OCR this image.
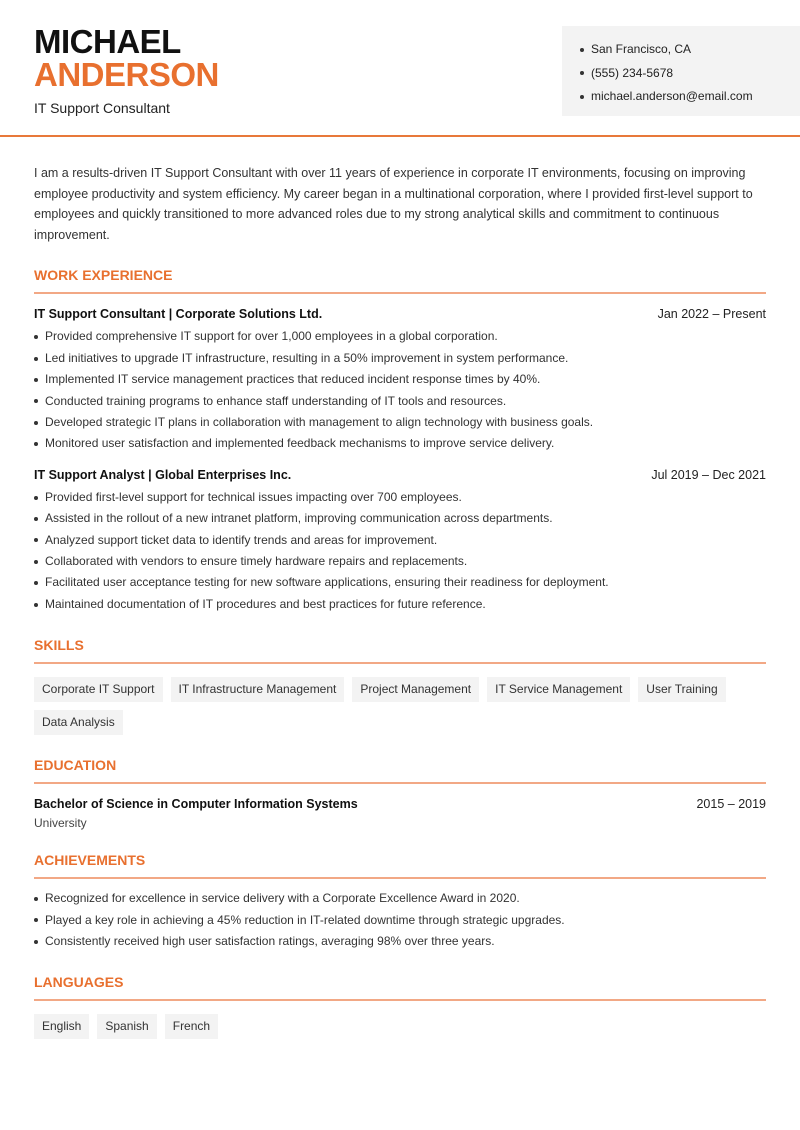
MICHAEL
ANDERSON
IT Support Consultant
San Francisco, CA
(555) 234-5678
michael.anderson@email.com

I am a results-driven IT Support Consultant with over 11 years of experience in corporate IT environments, focusing on improving employee productivity and system efficiency. My career began in a multinational corporation, where I provided first-level support to employees and quickly transitioned to more advanced roles due to my strong analytical skills and commitment to continuous improvement.

WORK EXPERIENCE
IT Support Consultant | Corporate Solutions Ltd.	Jan 2022 – Present
Provided comprehensive IT support for over 1,000 employees in a global corporation.
Led initiatives to upgrade IT infrastructure, resulting in a 50% improvement in system performance.
Implemented IT service management practices that reduced incident response times by 40%.
Conducted training programs to enhance staff understanding of IT tools and resources.
Developed strategic IT plans in collaboration with management to align technology with business goals.
Monitored user satisfaction and implemented feedback mechanisms to improve service delivery.
IT Support Analyst | Global Enterprises Inc.	Jul 2019 – Dec 2021
Provided first-level support for technical issues impacting over 700 employees.
Assisted in the rollout of a new intranet platform, improving communication across departments.
Analyzed support ticket data to identify trends and areas for improvement.
Collaborated with vendors to ensure timely hardware repairs and replacements.
Facilitated user acceptance testing for new software applications, ensuring their readiness for deployment.
Maintained documentation of IT procedures and best practices for future reference.
SKILLS
Corporate IT Support	IT Infrastructure Management	Project Management	IT Service Management	User Training
Data Analysis
EDUCATION
Bachelor of Science in Computer Information Systems	2015 – 2019
University
ACHIEVEMENTS
Recognized for excellence in service delivery with a Corporate Excellence Award in 2020.
Played a key role in achieving a 45% reduction in IT-related downtime through strategic upgrades.
Consistently received high user satisfaction ratings, averaging 98% over three years.
LANGUAGES
English	Spanish	French
